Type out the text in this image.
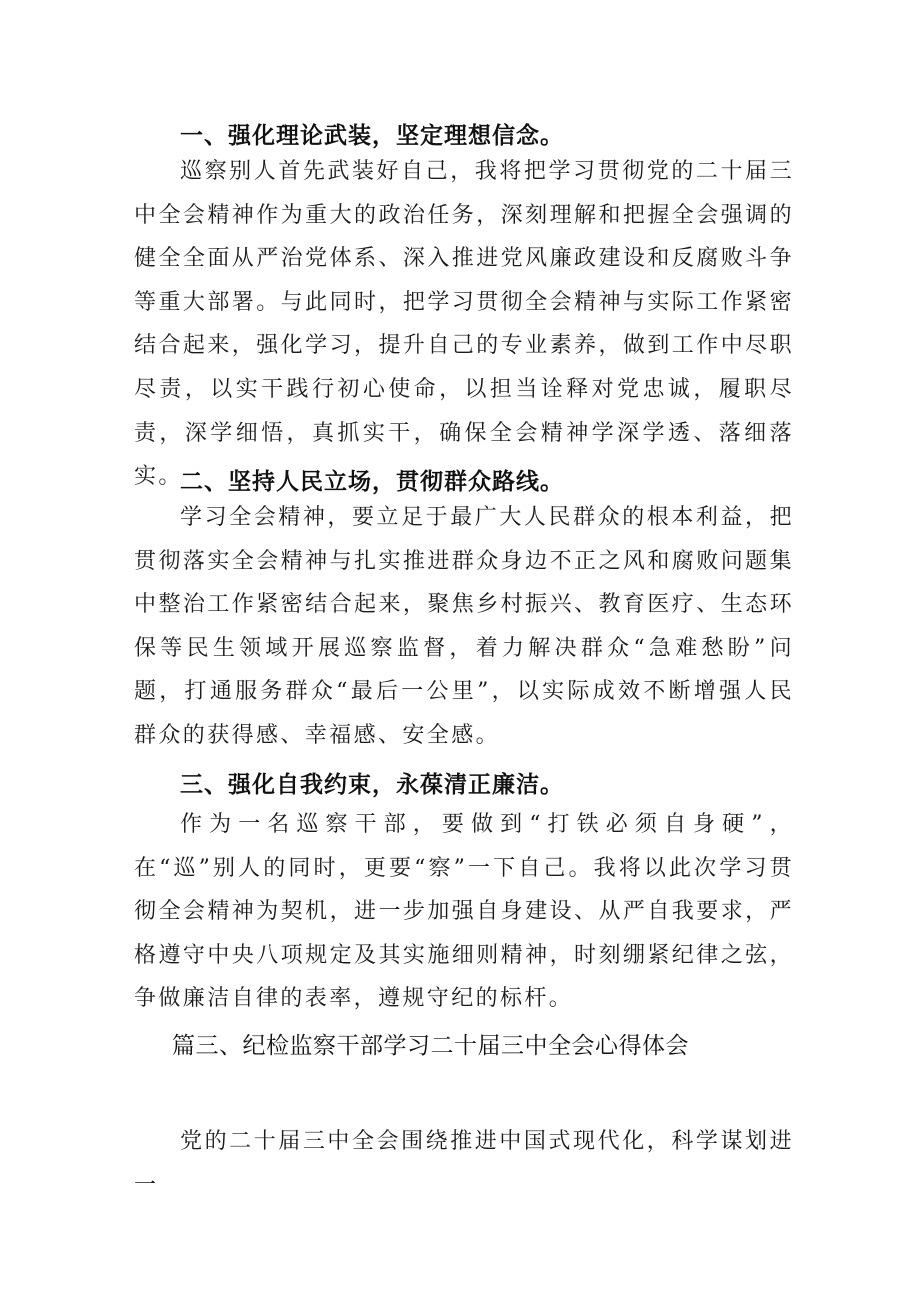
一、强化理论武装，坚定理想信念。

巡察别人首先武装好自己，我将把学习贯彻党的二十届三中全会精神作为重大的政治任务，深刻理解和把握全会强调的健全全面从严治党体系、深入推进党风廉政建设和反腐败斗争等重大部署。与此同时，把学习贯彻全会精神与实际工作紧密结合起来，强化学习，提升自己的专业素养，做到工作中尽职尽责，以实干践行初心使命，以担当诠释对党忠诚，履职尽责，深学细悟，真抓实干，确保全会精神学深学透、落细落实。

二、坚持人民立场，贯彻群众路线。

学习全会精神，要立足于最广大人民群众的根本利益，把贯彻落实全会精神与扎实推进群众身边不正之风和腐败问题集中整治工作紧密结合起来，聚焦乡村振兴、教育医疗、生态环保等民生领域开展巡察监督，着力解决群众“急难愁盼”问题，打通服务群众“最后一公里”，以实际成效不断增强人民群众的获得感、幸福感、安全感。

三、强化自我约束，永葆清正廉洁。

作为一名巡察干部，要做到“打铁必须自身硬”，在“巡”别人的同时，更要“察”一下自己。我将以此次学习贯彻全会精神为契机，进一步加强自身建设、从严自我要求，严格遵守中央八项规定及其实施细则精神，时刻绷紧纪律之弦，争做廉洁自律的表率，遵规守纪的标杆。

篇三、纪检监察干部学习二十届三中全会心得体会

党的二十届三中全会围绕推进中国式现代化，科学谋划进一
